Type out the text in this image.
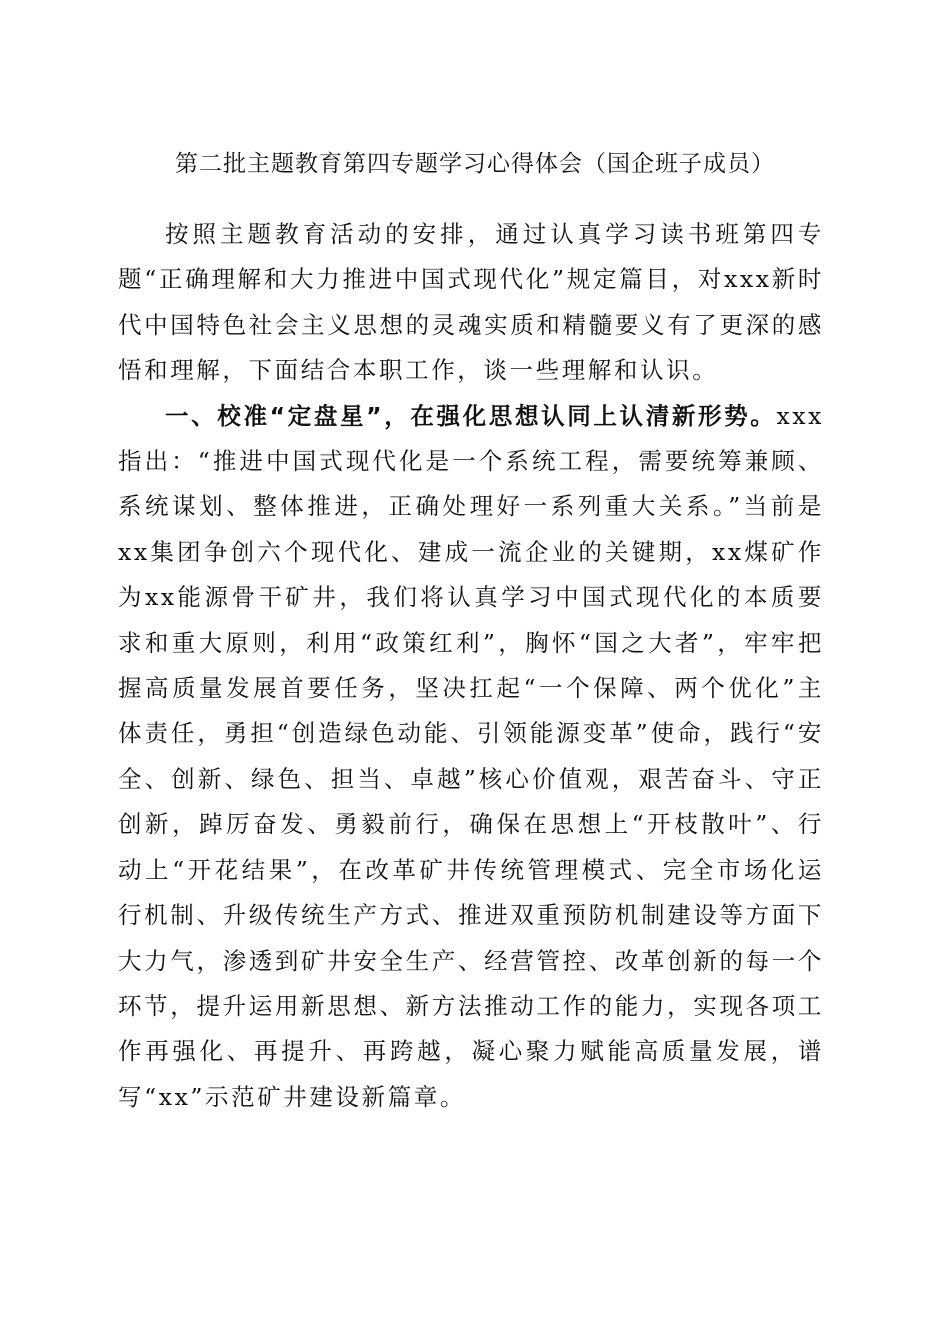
第二批主题教育第四专题学习心得体会（国企班子成员）

按照主题教育活动的安排，通过认真学习读书班第四专题“正确理解和大力推进中国式现代化”规定篇目，对xxx新时代中国特色社会主义思想的灵魂实质和精髓要义有了更深的感悟和理解，下面结合本职工作，谈一些理解和认识。

一、校准“定盘星”，在强化思想认同上认清新形势。xxx指出：“推进中国式现代化是一个系统工程，需要统筹兼顾、系统谋划、整体推进，正确处理好一系列重大关系。”当前是xx集团争创六个现代化、建成一流企业的关键期，xx煤矿作为xx能源骨干矿井，我们将认真学习中国式现代化的本质要求和重大原则，利用“政策红利”，胸怀“国之大者”，牢牢把握高质量发展首要任务，坚决扛起“一个保障、两个优化”主体责任，勇担“创造绿色动能、引领能源变革”使命，践行“安全、创新、绿色、担当、卓越”核心价值观，艰苦奋斗、守正创新，踔厉奋发、勇毅前行，确保在思想上“开枝散叶”、行动上“开花结果”，在改革矿井传统管理模式、完全市场化运行机制、升级传统生产方式、推进双重预防机制建设等方面下大力气，渗透到矿井安全生产、经营管控、改革创新的每一个环节，提升运用新思想、新方法推动工作的能力，实现各项工作再强化、再提升、再跨越，凝心聚力赋能高质量发展，谱写“xx”示范矿井建设新篇章。
